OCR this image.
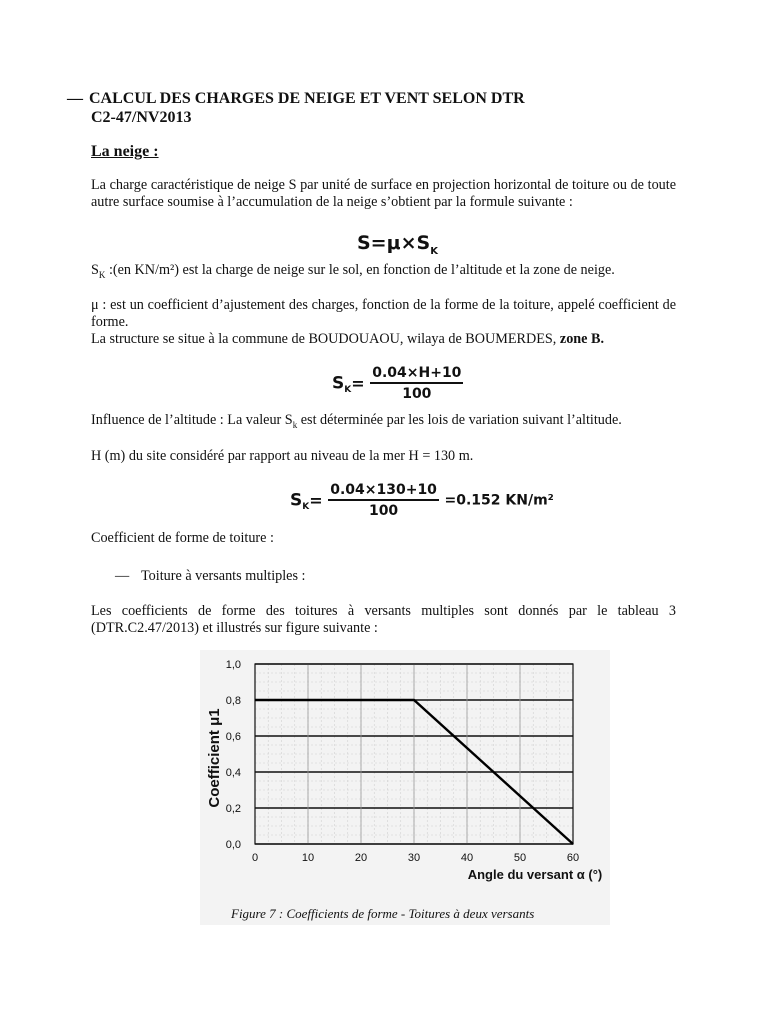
— CALCUL DES CHARGES DE NEIGE ET VENT SELON DTR
C2-47/NV2013
La neige :
La charge caractéristique de neige S par unité de surface en projection horizontal de toiture ou de toute autre surface soumise à l’accumulation de la neige s’obtient par la formule suivante :
$S=\mu\times S_K$
$S_K$ :(en KN/m²) est la charge de neige sur le sol, en fonction de l’altitude et la zone de neige.
μ : est un coefficient d’ajustement des charges, fonction de la forme de la toiture, appelé coefficient de forme.
La structure se situe à la commune de BOUDOUAOU, wilaya de BOUMERDES, zone B.
$S_K= \frac{0.04\times H+10}{100}$
Influence de l’altitude : La valeur $S_k$ est déterminée par les lois de variation suivant l’altitude.
H (m) du site considéré par rapport au niveau de la mer H = 130 m.
$S_K= \frac{0.04\times 130+10}{100} =0.152$ KN/m²
Coefficient de forme de toiture :
— Toiture à versants multiples :
Les coefficients de forme des toitures à versants multiples sont donnés par le tableau 3 (DTR.C2.47/2013) et illustrés sur figure suivante :
0,0
0,2
0,4
0,6
0,8
1,0
0	10	20	30	40	50	60
Coefficient μ1
Angle du versant α (°)
Figure 7 : Coefficients de forme - Toitures à deux versants
